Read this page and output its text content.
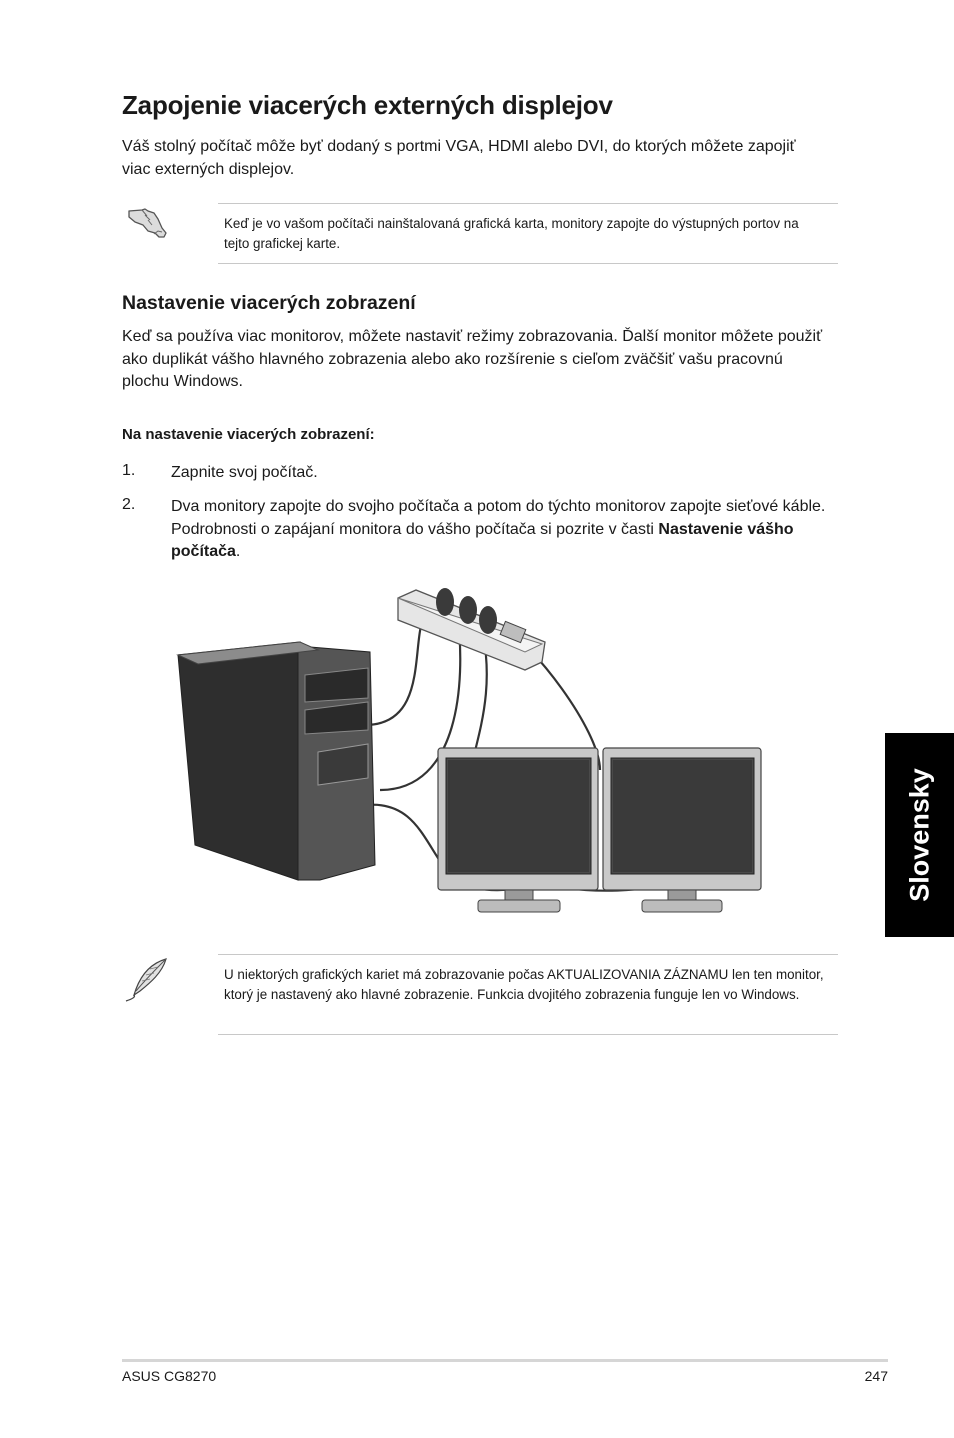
Zapojenie viacerých externých displejov
Váš stolný počítač môže byť dodaný s portmi VGA, HDMI alebo DVI, do ktorých môžete zapojiť viac externých displejov.
Keď je vo vašom počítači nainštalovaná grafická karta, monitory zapojte do výstupných portov na tejto grafickej karte.
Nastavenie viacerých zobrazení
Keď sa používa viac monitorov, môžete nastaviť režimy zobrazovania. Ďalší monitor môžete použiť ako duplikát vášho hlavného zobrazenia alebo ako rozšírenie s cieľom zväčšiť vašu pracovnú plochu Windows.
Na nastavenie viacerých zobrazení:
1. Zapnite svoj počítač.
2. Dva monitory zapojte do svojho počítača a potom do týchto monitorov zapojte sieťové káble. Podrobnosti o zapájaní monitora do vášho počítača si pozrite v časti Nastavenie vášho počítača.
Slovensky
U niektorých grafických kariet má zobrazovanie počas AKTUALIZOVANIA ZÁZNAMU len ten monitor, ktorý je nastavený ako hlavné zobrazenie. Funkcia dvojitého zobrazenia funguje len vo Windows.
ASUS CG8270	247
